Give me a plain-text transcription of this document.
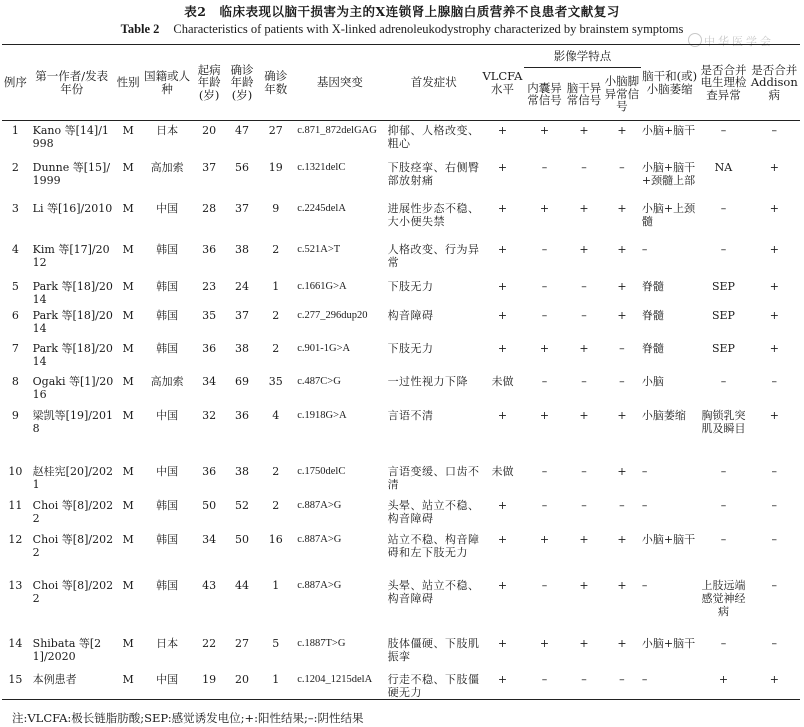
表2　临床表现以脑干损害为主的X连锁肾上腺脑白质营养不良患者文献复习
Table 2 Characteristics of patients with X-linked adrenoleukodystrophy characterized by brainstem symptoms
中华医学会
例序	第一作者/发表年份	性别	国籍或人种	起病年龄(岁)	确诊年龄(岁)	确诊年数	基因突变	首发症状	VLCFA水平	影像学特点			脑干和(或)小脑萎缩	是否合并电生理检查异常	是否合并Addison病
										内囊异常信号	脑干异常信号	小脑脚异常信号			
1	Kano 等[14]/1998	M	日本	20	47	27	c.871_872delGAG	抑郁、人格改变、粗心	+	+	+	+	小脑+脑干	–	–
2	Dunne 等[15]/1999	M	高加索	37	56	19	c.1321delC	下肢痉挛、右侧臀部放射痛	+	–	–	–	小脑+脑干+颈髓上部	NA	+
3	Li 等[16]/2010	M	中国	28	37	9	c.2245delA	进展性步态不稳、大小便失禁	+	+	+	+	小脑+上颈髓	–	+
4	Kim 等[17]/2012	M	韩国	36	38	2	c.521A>T	人格改变、行为异常	+	–	+	+	–	–	+
5	Park 等[18]/2014	M	韩国	23	24	1	c.1661G>A	下肢无力	+	–	–	+	脊髓	SEP	+
6	Park 等[18]/2014	M	韩国	35	37	2	c.277_296dup20	构音障碍	+	–	–	+	脊髓	SEP	+
7	Park 等[18]/2014	M	韩国	36	38	2	c.901-1G>A	下肢无力	+	+	+	–	脊髓	SEP	+
8	Ogaki 等[1]/2016	M	高加索	34	69	35	c.487C>G	一过性视力下降	未做	–	–	–	小脑	–	–
9	梁凯等[19]/2018	M	中国	32	36	4	c.1918G>A	言语不清	+	+	+	+	小脑萎缩	胸锁乳突肌及瞬目	+
10	赵桂宪[20]/2021	M	中国	36	38	2	c.1750delC	言语变缓、口齿不清	未做	–	–	+	–	–	–
11	Choi 等[8]/2022	M	韩国	50	52	2	c.887A>G	头晕、站立不稳、构音障碍	+	–	–	–	–	–	–
12	Choi 等[8]/2022	M	韩国	34	50	16	c.887A>G	站立不稳、构音障碍和左下肢无力	+	+	+	+	小脑+脑干	–	–
13	Choi 等[8]/2022	M	韩国	43	44	1	c.887A>G	头晕、站立不稳、构音障碍	+	–	+	+	–	上肢远端感觉神经病	–
14	Shibata 等[21]/2020	M	日本	22	27	5	c.1887T>G	肢体僵硬、下肢肌振挛	+	+	+	+	小脑+脑干	–	–
15	本例患者	M	中国	19	20	1	c.1204_1215delA	行走不稳、下肢僵硬无力	+	–	–	–	–	+	+
注:VLCFA:极长链脂肪酸;SEP:感觉诱发电位;+:阳性结果;–:阴性结果
